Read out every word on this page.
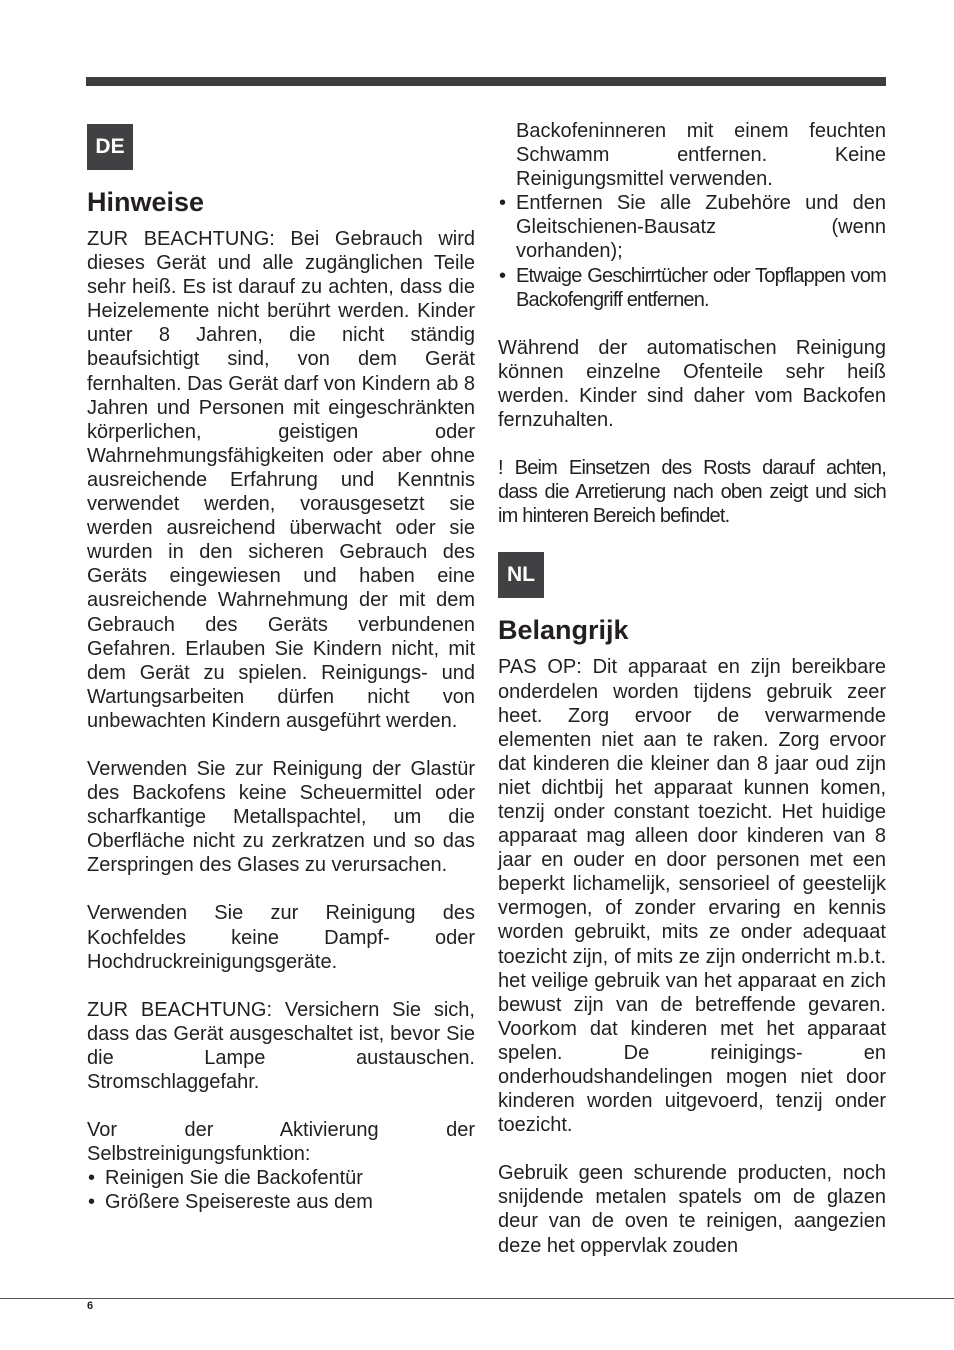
DE
Hinweise

ZUR BEACHTUNG: Bei Gebrauch wird dieses Gerät und alle zugänglichen Teile sehr heiß. Es ist darauf zu achten, dass die Heizelemente nicht berührt werden. Kinder unter 8 Jahren, die nicht ständig beaufsichtigt sind, von dem Gerät fernhalten. Das Gerät darf von Kindern ab 8 Jahren und Personen mit eingeschränkten körperlichen, geistigen oder Wahrnehmungsfähigkeiten oder aber ohne ausreichende Erfahrung und Kenntnis verwendet werden, vorausgesetzt sie werden ausreichend überwacht oder sie wurden in den sicheren Gebrauch des Geräts eingewiesen und haben eine ausreichende Wahrnehmung der mit dem Gebrauch des Geräts verbundenen Gefahren. Erlauben Sie Kindern nicht, mit dem Gerät zu spielen. Reinigungs- und Wartungsarbeiten dürfen nicht von unbewachten Kindern ausgeführt werden.

Verwenden Sie zur Reinigung der Glastür des Backofens keine Scheuermittel oder scharfkantige Metallspachtel, um die Oberfläche nicht zu zerkratzen und so das Zerspringen des Glases zu verursachen.

Verwenden Sie zur Reinigung des Kochfeldes keine Dampf- oder Hochdruckreinigungsgeräte.

ZUR BEACHTUNG: Versichern Sie sich, dass das Gerät ausgeschaltet ist, bevor Sie die Lampe austauschen. Stromschlaggefahr.

Vor der Aktivierung der Selbstreinigungsfunktion:

• Reinigen Sie die Backofentür
• Größere Speisereste aus dem

Backofeninneren mit einem feuchten Schwamm entfernen. Keine Reinigungsmittel verwenden.

• Entfernen Sie alle Zubehöre und den Gleitschienen-Bausatz (wenn vorhanden);
• Etwaige Geschirrtücher oder Topflappen vom Backofengriff entfernen.

Während der automatischen Reinigung können einzelne Ofenteile sehr heiß werden. Kinder sind daher vom Backofen fernzuhalten.

! Beim Einsetzen des Rosts darauf achten, dass die Arretierung nach oben zeigt und sich im hinteren Bereich befindet.

NL
Belangrijk

PAS OP: Dit apparaat en zijn bereikbare onderdelen worden tijdens gebruik zeer heet. Zorg ervoor de verwarmende elementen niet aan te raken. Zorg ervoor dat kinderen die kleiner dan 8 jaar oud zijn niet dichtbij het apparaat kunnen komen, tenzij onder constant toezicht. Het huidige apparaat mag alleen door kinderen van 8 jaar en ouder en door personen met een beperkt lichamelijk, sensorieel of geestelijk vermogen, of zonder ervaring en kennis worden gebruikt, mits ze onder adequaat toezicht zijn, of mits ze zijn onderricht m.b.t. het veilige gebruik van het apparaat en zich bewust zijn van de betreffende gevaren. Voorkom dat kinderen met het apparaat spelen. De reinigings- en onderhoudshandelingen mogen niet door kinderen worden uitgevoerd, tenzij onder toezicht.

Gebruik geen schurende producten, noch snijdende metalen spatels om de glazen deur van de oven te reinigen, aangezien deze het oppervlak zouden

6
